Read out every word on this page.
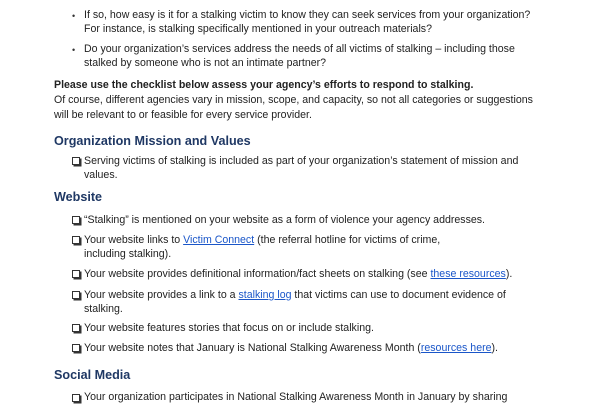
• If so, how easy is it for a stalking victim to know they can seek services from your organization?
For instance, is stalking specifically mentioned in your outreach materials?
• Do your organization’s services address the needs of all victims of stalking – including those
stalked by someone who is not an intimate partner?
Please use the checklist below assess your agency’s efforts to respond to stalking.
Of course, different agencies vary in mission, scope, and capacity, so not all categories or suggestions
will be relevant to or feasible for every service provider.
Organization Mission and Values
Serving victims of stalking is included as part of your organization’s statement of mission and
values.
Website
“Stalking” is mentioned on your website as a form of violence your agency addresses.
Your website links to Victim Connect (the referral hotline for victims of crime,
including stalking).
Your website provides definitional information/fact sheets on stalking (see these resources).
Your website provides a link to a stalking log that victims can use to document evidence of
stalking.
Your website features stories that focus on or include stalking.
Your website notes that January is National Stalking Awareness Month (resources here).
Social Media
Your organization participates in National Stalking Awareness Month in January by sharing
